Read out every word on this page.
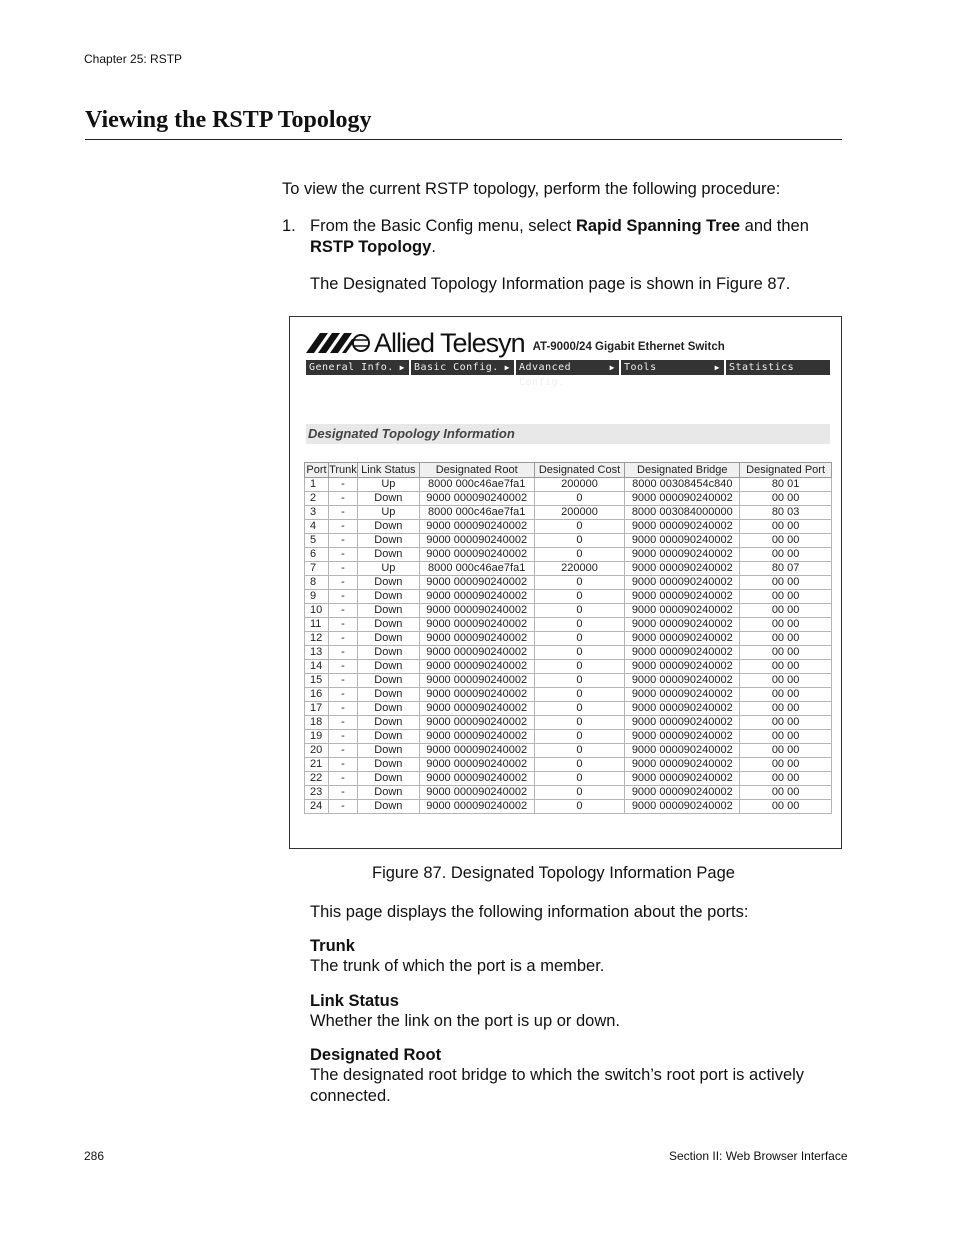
Chapter 25: RSTP
Viewing the RSTP Topology
To view the current RSTP topology, perform the following procedure:
1. From the Basic Config menu, select Rapid Spanning Tree and then
RSTP Topology.
The Designated Topology Information page is shown in Figure 87.
Allied Telesyn AT-9000/24 Gigabit Ethernet Switch
General Info. ▶ Basic Config. ▶ Advanced Config.
▶ Tools	▶ Statistics
Designated Topology Information
Port	Trunk	Link Status	Designated Root	Designated Cost	Designated Bridge	Designated Port
1	-	Up	8000 000c46ae7fa1	200000	8000 00308454c840	80 01
2	-	Down	9000 000090240002	0	9000 000090240002	00 00
3	-	Up	8000 000c46ae7fa1	200000	8000 003084000000	80 03
4	-	Down	9000 000090240002	0	9000 000090240002	00 00
5	-	Down	9000 000090240002	0	9000 000090240002	00 00
6	-	Down	9000 000090240002	0	9000 000090240002	00 00
7	-	Up	8000 000c46ae7fa1	220000	9000 000090240002	80 07
8	-	Down	9000 000090240002	0	9000 000090240002	00 00
9	-	Down	9000 000090240002	0	9000 000090240002	00 00
10	-	Down	9000 000090240002	0	9000 000090240002	00 00
11	-	Down	9000 000090240002	0	9000 000090240002	00 00
12	-	Down	9000 000090240002	0	9000 000090240002	00 00
13	-	Down	9000 000090240002	0	9000 000090240002	00 00
14	-	Down	9000 000090240002	0	9000 000090240002	00 00
15	-	Down	9000 000090240002	0	9000 000090240002	00 00
16	-	Down	9000 000090240002	0	9000 000090240002	00 00
17	-	Down	9000 000090240002	0	9000 000090240002	00 00
18	-	Down	9000 000090240002	0	9000 000090240002	00 00
19	-	Down	9000 000090240002	0	9000 000090240002	00 00
20	-	Down	9000 000090240002	0	9000 000090240002	00 00
21	-	Down	9000 000090240002	0	9000 000090240002	00 00
22	-	Down	9000 000090240002	0	9000 000090240002	00 00
23	-	Down	9000 000090240002	0	9000 000090240002	00 00
24	-	Down	9000 000090240002	0	9000 000090240002	00 00
Figure 87. Designated Topology Information Page
This page displays the following information about the ports:
Trunk
The trunk of which the port is a member.
Link Status
Whether the link on the port is up or down.
Designated Root
The designated root bridge to which the switch’s root port is actively
connected.
286	Section II: Web Browser Interface
